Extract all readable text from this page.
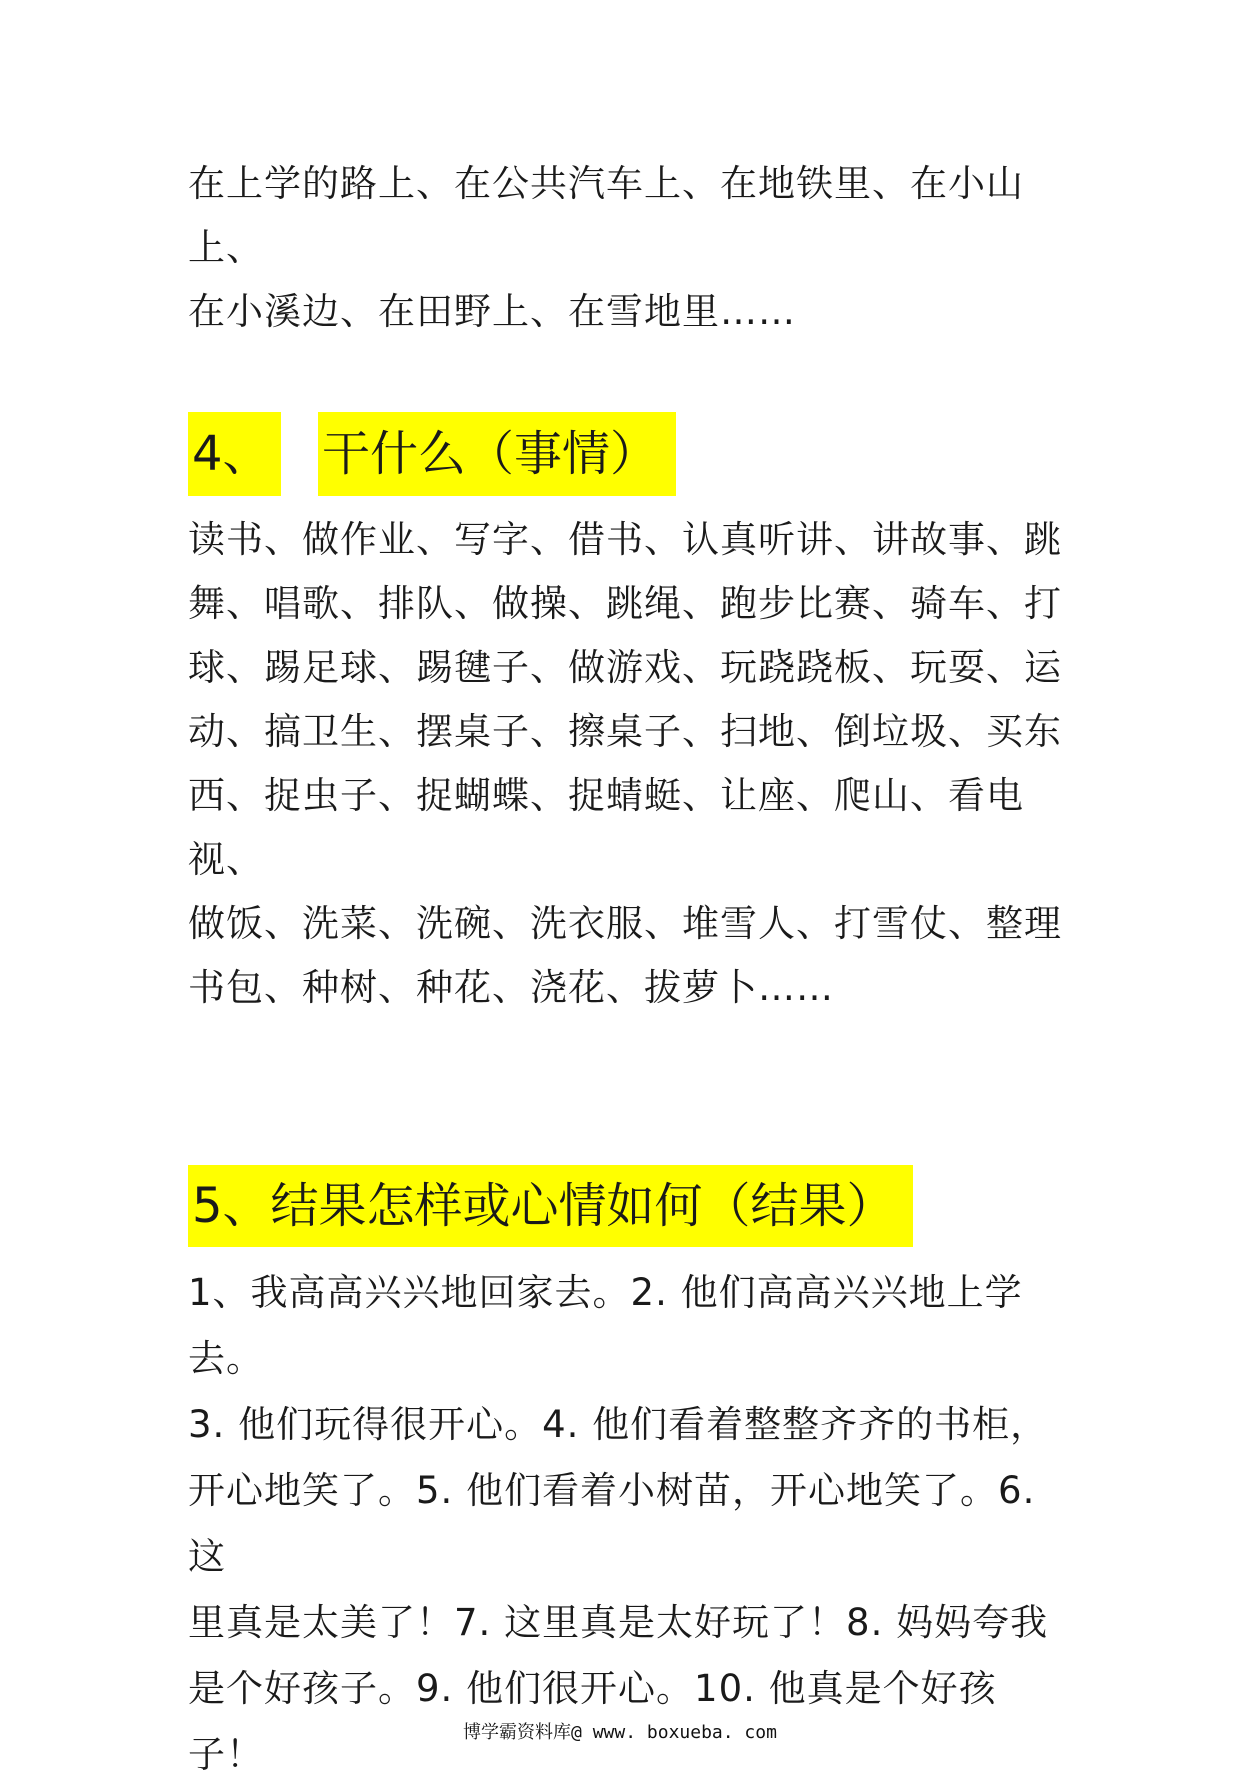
在上学的路上、在公共汽车上、在地铁里、在小山上、
在小溪边、在田野上、在雪地里……

4、 干什么（事情）

读书、做作业、写字、借书、认真听讲、讲故事、跳
舞、唱歌、排队、做操、跳绳、跑步比赛、骑车、打
球、踢足球、踢毽子、做游戏、玩跷跷板、玩耍、运
动、搞卫生、摆桌子、擦桌子、扫地、倒垃圾、买东
西、捉虫子、捉蝴蝶、捉蜻蜓、让座、爬山、看电视、
做饭、洗菜、洗碗、洗衣服、堆雪人、打雪仗、整理
书包、种树、种花、浇花、拔萝卜……

5、结果怎样或心情如何（结果）

1、我高高兴兴地回家去。2. 他们高高兴兴地上学去。
3. 他们玩得很开心。4. 他们看着整整齐齐的书柜，
开心地笑了。5. 他们看着小树苗，开心地笑了。6. 这
里真是太美了！7. 这里真是太好玩了！8. 妈妈夸我
是个好孩子。9. 他们很开心。10. 他真是个好孩子！

博学霸资料库@ www. boxueba. com
